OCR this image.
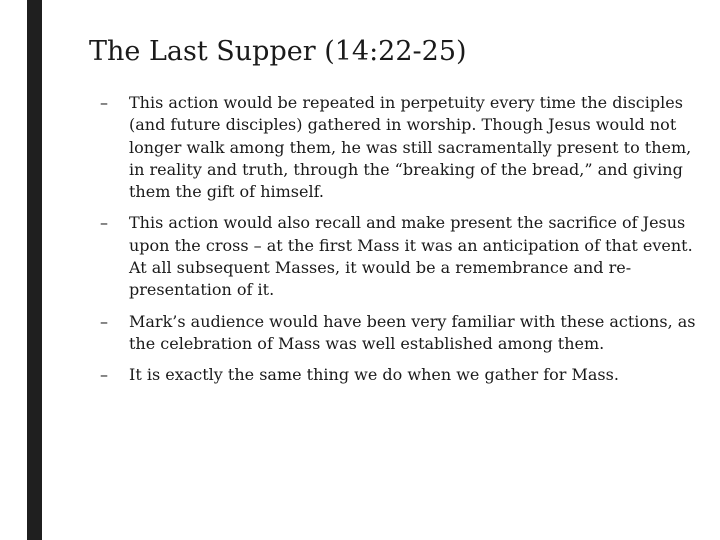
The Last Supper (14:22-25)
– This action would be repeated in perpetuity every time the disciples (and future disciples) gathered in worship. Though Jesus would not longer walk among them, he was still sacramentally present to them, in reality and truth, through the “breaking of the bread,” and giving them the gift of himself.
– This action would also recall and make present the sacrifice of Jesus upon the cross – at the first Mass it was an anticipation of that event. At all subsequent Masses, it would be a remembrance and re-presentation of it.
– Mark’s audience would have been very familiar with these actions, as the celebration of Mass was well established among them.
– It is exactly the same thing we do when we gather for Mass.
